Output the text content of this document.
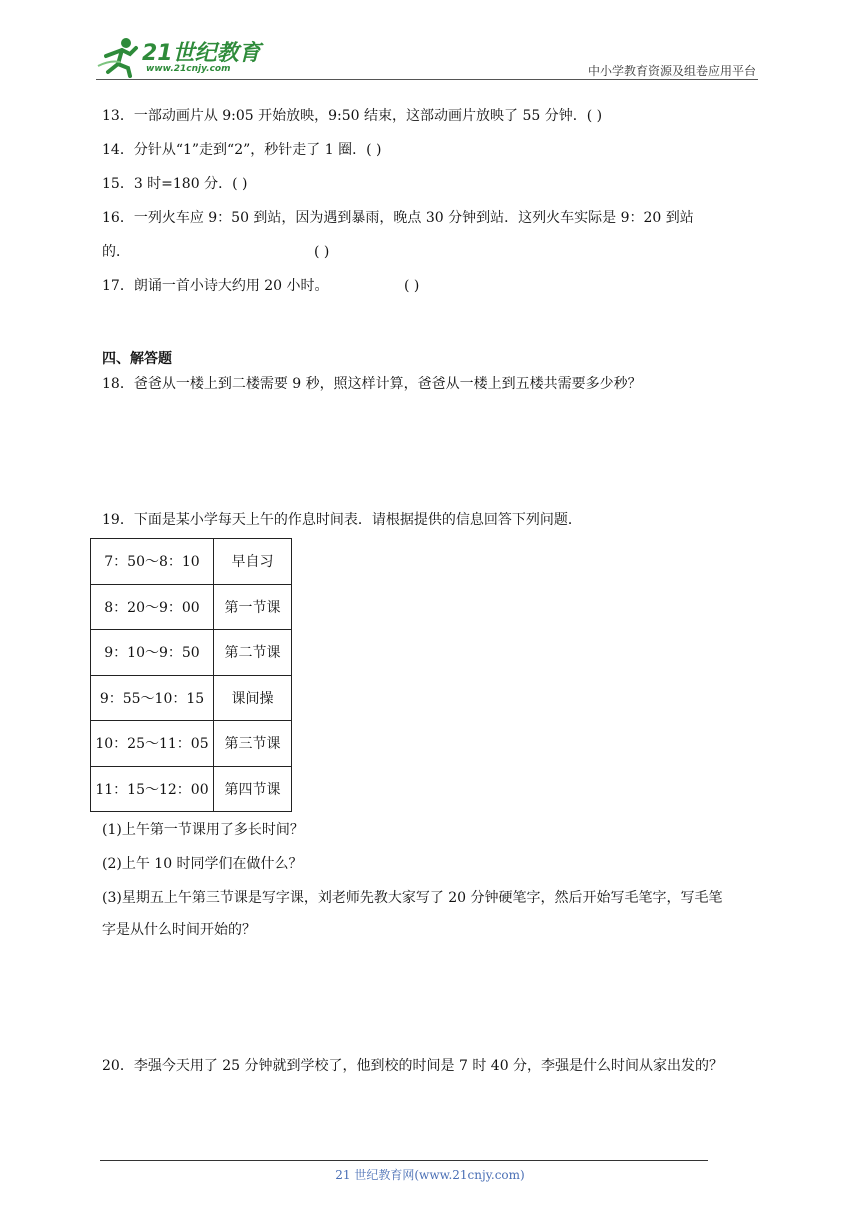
21世纪教育
www.21cnjy.com	中小学教育资源及组卷应用平台
13．一部动画片从 9:05 开始放映，9:50 结束，这部动画片放映了 55 分钟．( )
14．分针从“1”走到“2”，秒针走了 1 圈．( )
15．3 时=180 分．( )
16．一列火车应 9：50 到站，因为遇到暴雨，晚点 30 分钟到站．这列火车实际是 9：20 到站
的．	( )
17．朗诵一首小诗大约用 20 小时。	( )
四、解答题
18．爸爸从一楼上到二楼需要 9 秒，照这样计算，爸爸从一楼上到五楼共需要多少秒？
19．下面是某小学每天上午的作息时间表．请根据提供的信息回答下列问题．
7：50～8：10	早自习
8：20～9：00	第一节课
9：10～9：50	第二节课
9：55～10：15	课间操
10：25～11：05	第三节课
11：15～12：00	第四节课
(1)上午第一节课用了多长时间？
(2)上午 10 时同学们在做什么？
(3)星期五上午第三节课是写字课，刘老师先教大家写了 20 分钟硬笔字，然后开始写毛笔字，写毛笔
字是从什么时间开始的？
20．李强今天用了 25 分钟就到学校了，他到校的时间是 7 时 40 分，李强是什么时间从家出发的？
21 世纪教育网(www.21cnjy.com)
